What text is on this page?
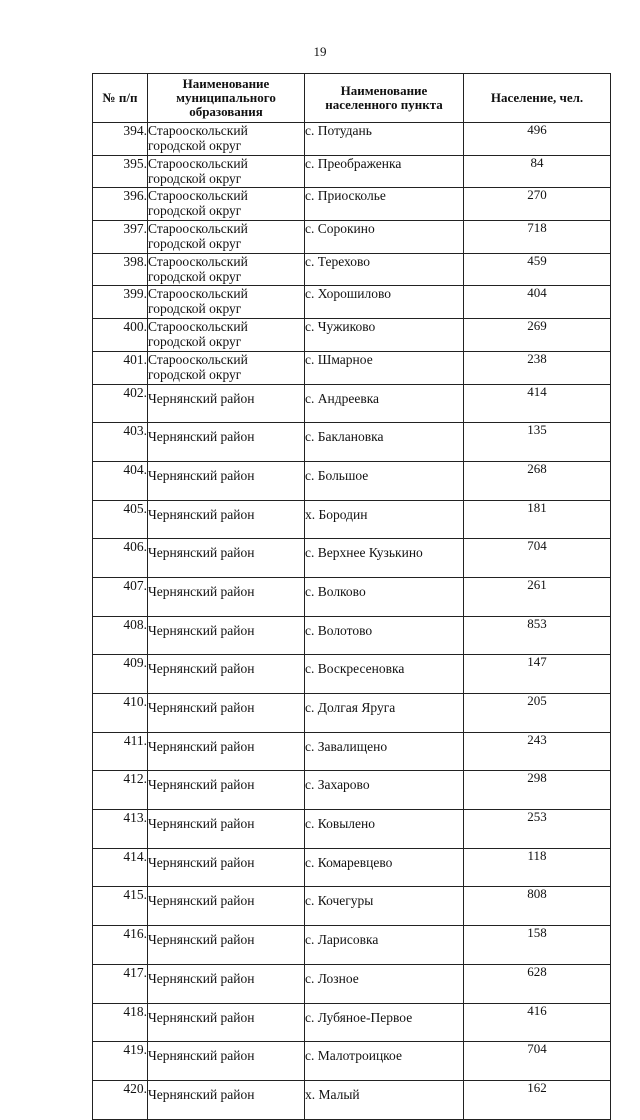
19
№ п/п	Наименование муниципального образования	Наименование населенного пункта	Население, чел.
394.	Старооскольский городской округ	с. Потудань	496
395.	Старооскольский городской округ	с. Преображенка	84
396.	Старооскольский городской округ	с. Приосколье	270
397.	Старооскольский городской округ	с. Сорокино	718
398.	Старооскольский городской округ	с. Терехово	459
399.	Старооскольский городской округ	с. Хорошилово	404
400.	Старооскольский городской округ	с. Чужиково	269
401.	Старооскольский городской округ	с. Шмарное	238
402.	Чернянский район	с. Андреевка	414
403.	Чернянский район	с. Баклановка	135
404.	Чернянский район	с. Большое	268
405.	Чернянский район	х. Бородин	181
406.	Чернянский район	с. Верхнее Кузькино	704
407.	Чернянский район	с. Волково	261
408.	Чернянский район	с. Волотово	853
409.	Чернянский район	с. Воскресеновка	147
410.	Чернянский район	с. Долгая Яруга	205
411.	Чернянский район	с. Завалищено	243
412.	Чернянский район	с. Захарово	298
413.	Чернянский район	с. Ковылено	253
414.	Чернянский район	с. Комаревцево	118
415.	Чернянский район	с. Кочегуры	808
416.	Чернянский район	с. Ларисовка	158
417.	Чернянский район	с. Лозное	628
418.	Чернянский район	с. Лубяное-Первое	416
419.	Чернянский район	с. Малотроицкое	704
420.	Чернянский район	х. Малый	162
